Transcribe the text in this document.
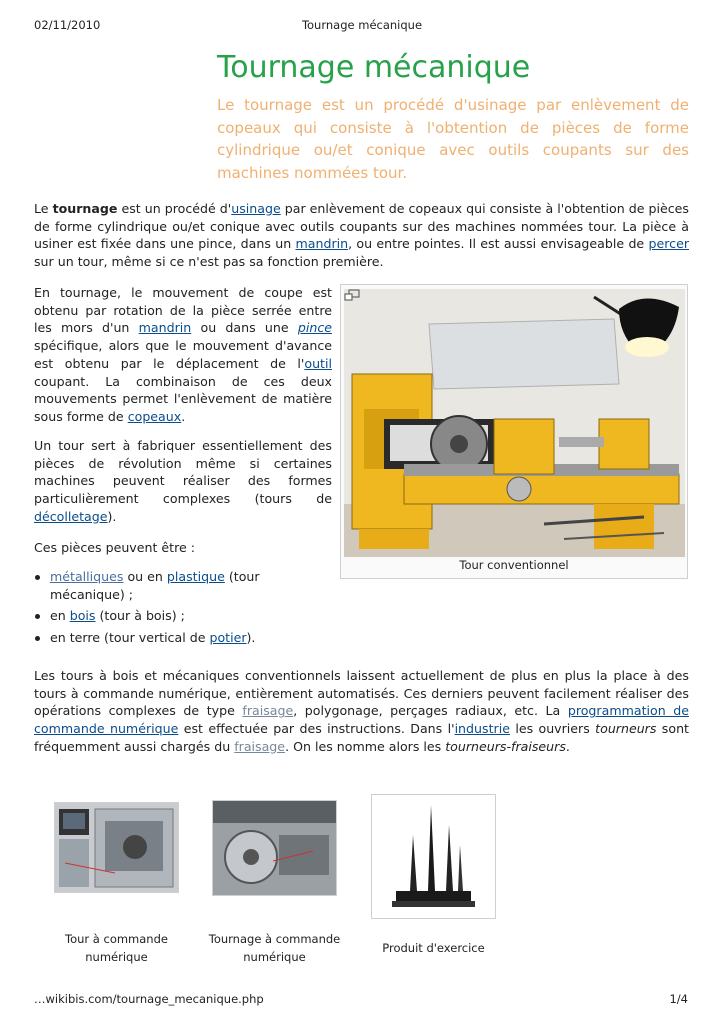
02/11/2010	Tournage mécanique
Tournage mécanique

Le tournage est un procédé d'usinage par enlèvement de copeaux qui consiste à l'obtention de pièces de forme cylindrique ou/et conique avec outils coupants sur des machines nommées tour.

Le tournage est un procédé d'usinage par enlèvement de copeaux qui consiste à l'obtention de pièces de forme cylindrique ou/et conique avec outils coupants sur des machines nommées tour. La pièce à usiner est fixée dans une pince, dans un mandrin, ou entre pointes. Il est aussi envisageable de percer sur un tour, même si ce n'est pas sa fonction première.

En tournage, le mouvement de coupe est obtenu par rotation de la pièce serrée entre les mors d'un mandrin ou dans une pince spécifique, alors que le mouvement d'avance est obtenu par le déplacement de l'outil coupant. La combinaison de ces deux mouvements permet l'enlèvement de matière sous forme de copeaux.

Un tour sert à fabriquer essentiellement des pièces de révolution même si certaines machines peuvent réaliser des formes particulièrement complexes (tours de décolletage).

Ces pièces peuvent être :

métalliques ou en plastique (tour mécanique) ;
en bois (tour à bois) ;
en terre (tour vertical de potier).
Tour conventionnel

Les tours à bois et mécaniques conventionnels laissent actuellement de plus en plus la place à des tours à commande numérique, entièrement automatisés. Ces derniers peuvent facilement réaliser des opérations complexes de type fraisage, polygonage, perçages radiaux, etc. La programmation de commande numérique est effectuée par des instructions. Dans l'industrie les ouvriers tourneurs sont fréquemment aussi chargés du fraisage. On les nomme alors les tourneurs-fraiseurs.

Tour à commande
numérique
Tournage à commande
numérique
Produit d'exercice
…wikibis.com/tournage_mecanique.php	1/4
